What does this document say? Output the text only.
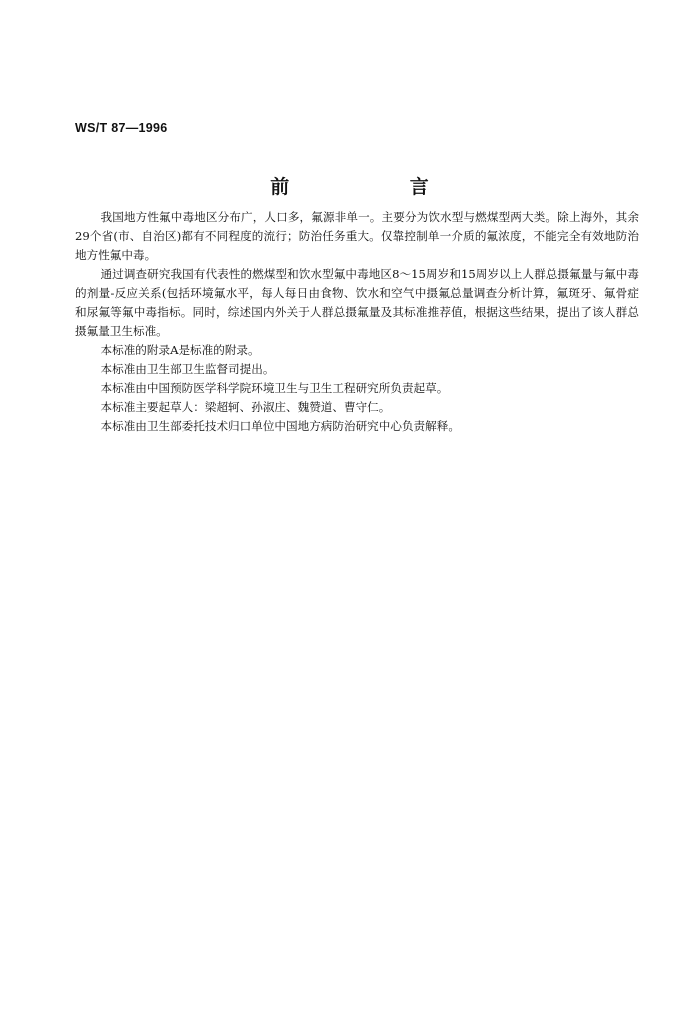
WS/T 87—1996
前 言

我国地方性氟中毒地区分布广，人口多，氟源非单一。主要分为饮水型与燃煤型两大类。除上海外，其余29个省(市、自治区)都有不同程度的流行；防治任务重大。仅靠控制单一介质的氟浓度，不能完全有效地防治地方性氟中毒。

通过调查研究我国有代表性的燃煤型和饮水型氟中毒地区8～15周岁和15周岁以上人群总摄氟量与氟中毒的剂量-反应关系(包括环境氟水平，每人每日由食物、饮水和空气中摄氟总量调查分析计算，氟斑牙、氟骨症和尿氟等氟中毒指标。同时，综述国内外关于人群总摄氟量及其标准推荐值，根据这些结果，提出了该人群总摄氟量卫生标准。

本标准的附录A是标准的附录。

本标准由卫生部卫生监督司提出。

本标准由中国预防医学科学院环境卫生与卫生工程研究所负责起草。

本标准主要起草人：梁超轲、孙淑庄、魏赞道、曹守仁。

本标准由卫生部委托技术归口单位中国地方病防治研究中心负责解释。
